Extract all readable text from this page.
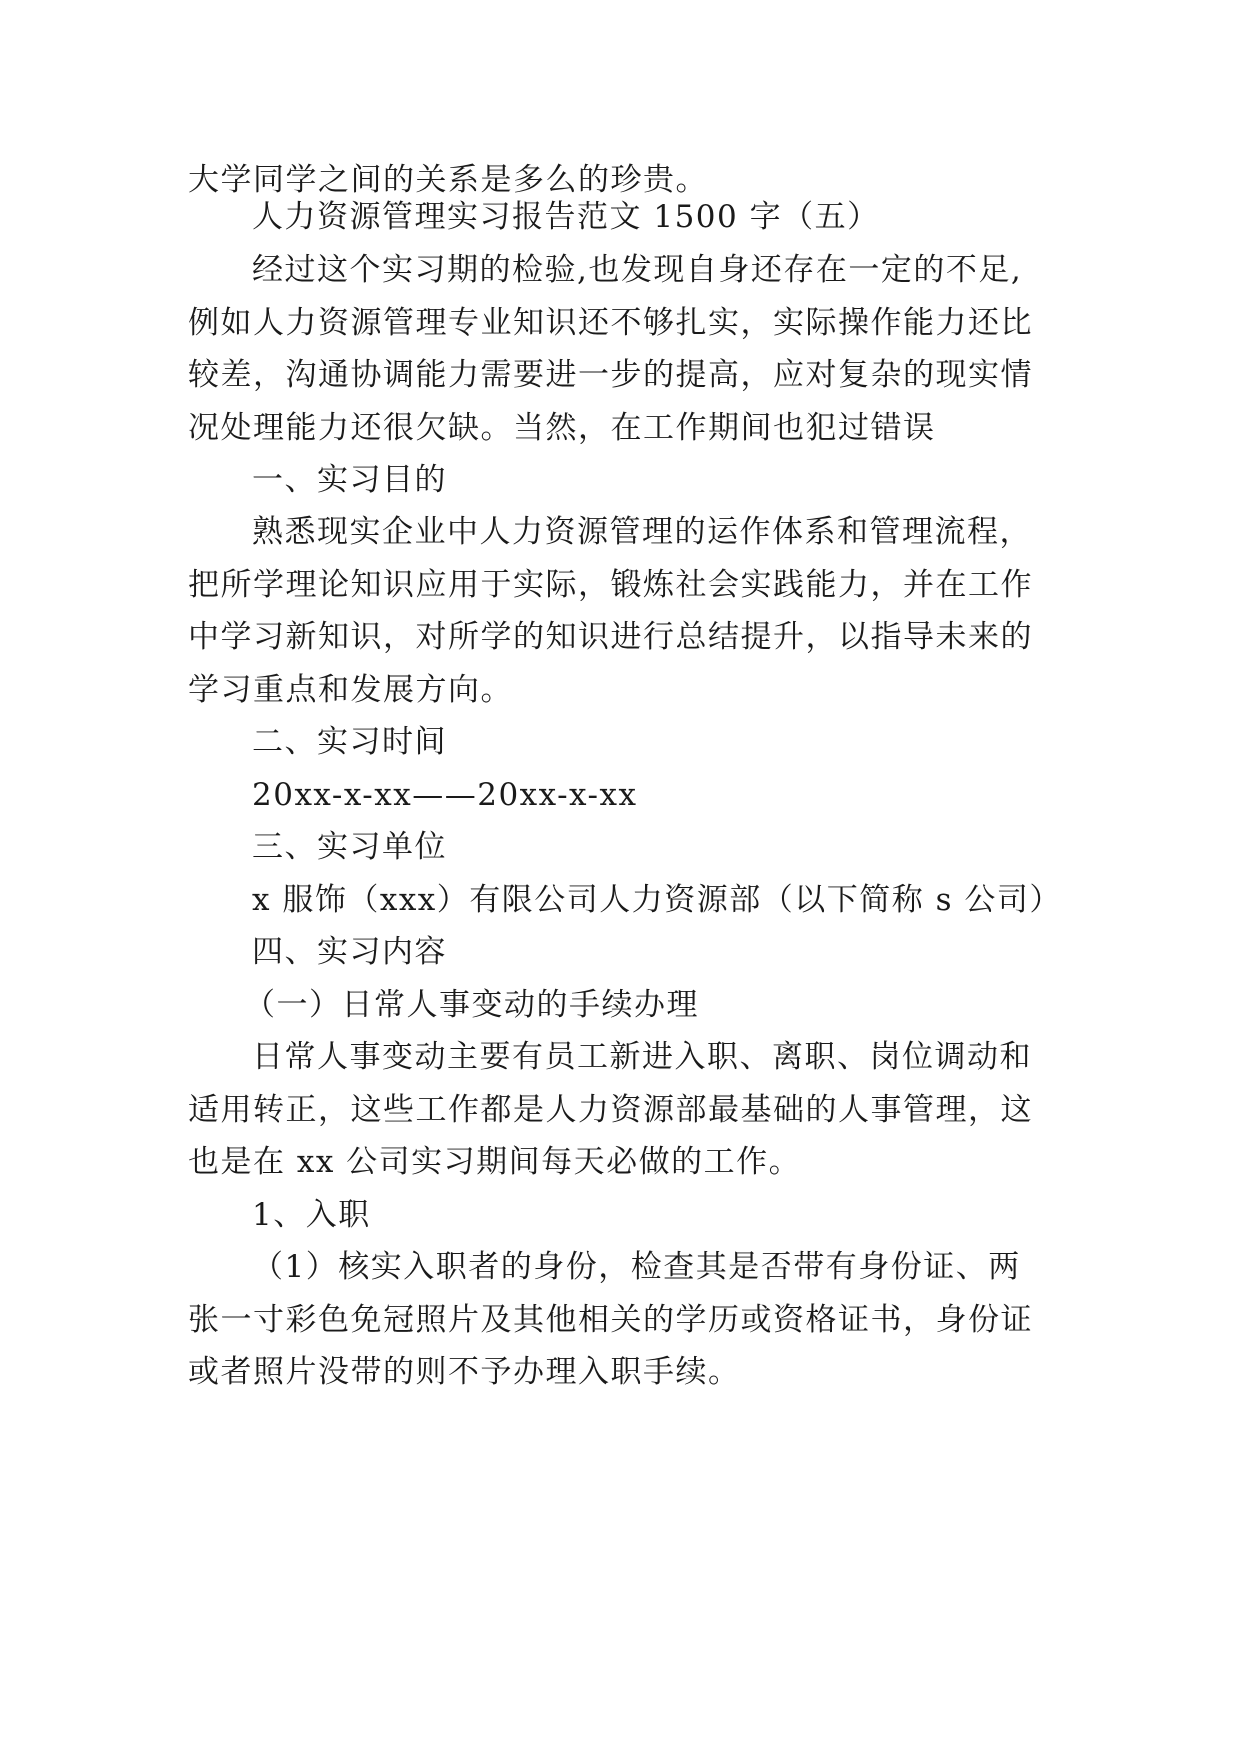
大学同学之间的关系是多么的珍贵。
人力资源管理实习报告范文 1500 字（五）
经过这个实习期的检验,也发现自身还存在一定的不足,
例如人力资源管理专业知识还不够扎实，实际操作能力还比
较差，沟通协调能力需要进一步的提高，应对复杂的现实情
况处理能力还很欠缺。当然，在工作期间也犯过错误
一、实习目的
熟悉现实企业中人力资源管理的运作体系和管理流程，
把所学理论知识应用于实际，锻炼社会实践能力，并在工作
中学习新知识，对所学的知识进行总结提升，以指导未来的
学习重点和发展方向。
二、实习时间
20xx-x-xx——20xx-x-xx
三、实习单位
x 服饰（xxx）有限公司人力资源部（以下简称 s 公司）
四、实习内容
（一）日常人事变动的手续办理
日常人事变动主要有员工新进入职、离职、岗位调动和
适用转正，这些工作都是人力资源部最基础的人事管理，这
也是在 xx 公司实习期间每天必做的工作。
1、入职
（1）核实入职者的身份，检查其是否带有身份证、两
张一寸彩色免冠照片及其他相关的学历或资格证书，身份证
或者照片没带的则不予办理入职手续。
